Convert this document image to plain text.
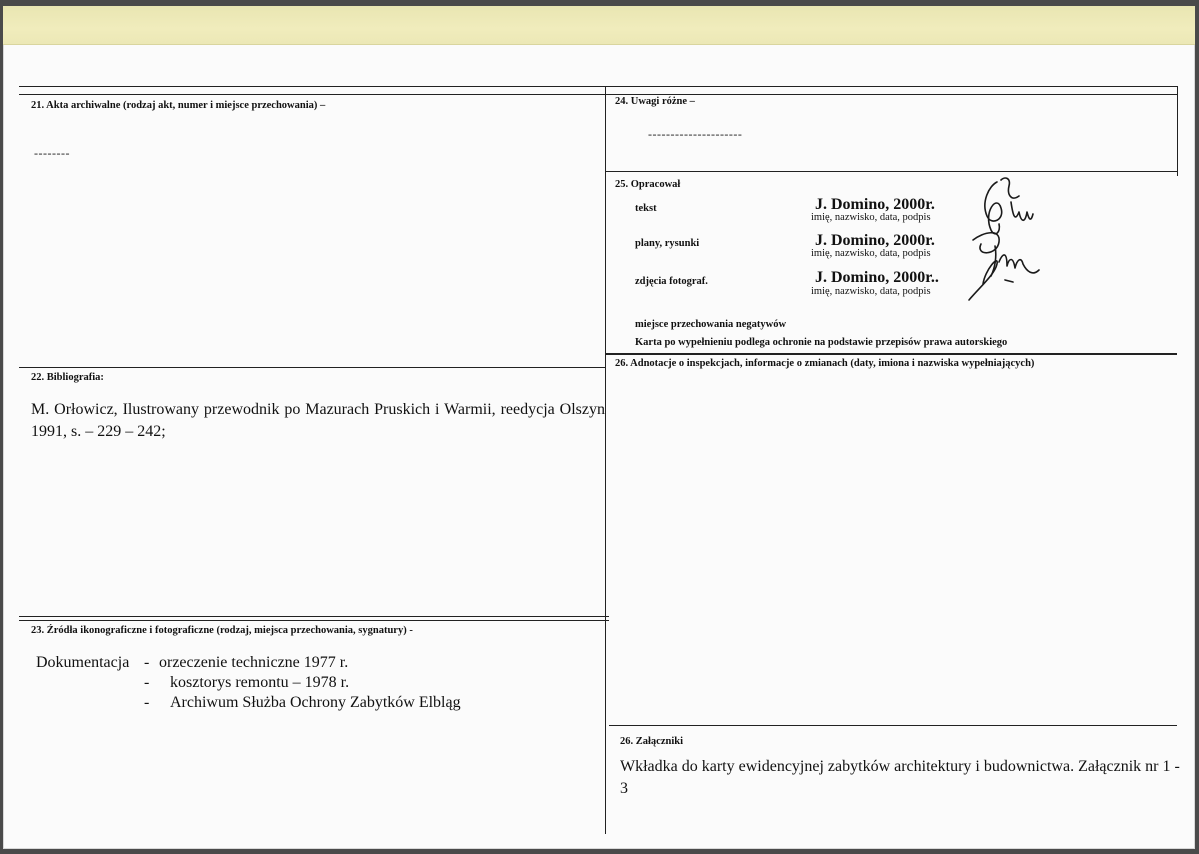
21. Akta archiwalne (rodzaj akt, numer i miejsce przechowania) –
--------
24. Uwagi różne –
---------------------
25. Opracował
tekst	J. Domino, 2000r.
imię, nazwisko, data, podpis
plany, rysunki	J. Domino, 2000r.
imię, nazwisko, data, podpis
zdjęcia fotograf.	J. Domino, 2000r..
imię, nazwisko, data, podpis
miejsce przechowania negatywów
Karta po wypełnieniu podlega ochronie na podstawie przepisów prawa autorskiego
22. Bibliografia:
M. Orłowicz, Ilustrowany przewodnik po Mazurach Pruskich i Warmii, reedycja Olszyn 1991, s. – 229 – 242;
26. Adnotacje o inspekcjach, informacje o zmianach (daty, imiona i nazwiska wypełniających)
23. Źródła ikonograficzne i fotograficzne (rodzaj, miejsca przechowania, sygnatury) -
Dokumentacja - orzeczenie techniczne 1977 r.
- kosztorys remontu – 1978 r.
- Archiwum Służba Ochrony Zabytków Elbląg
26. Załączniki
Wkładka do karty ewidencyjnej zabytków architektury i budownictwa. Załącznik nr 1 - 3
